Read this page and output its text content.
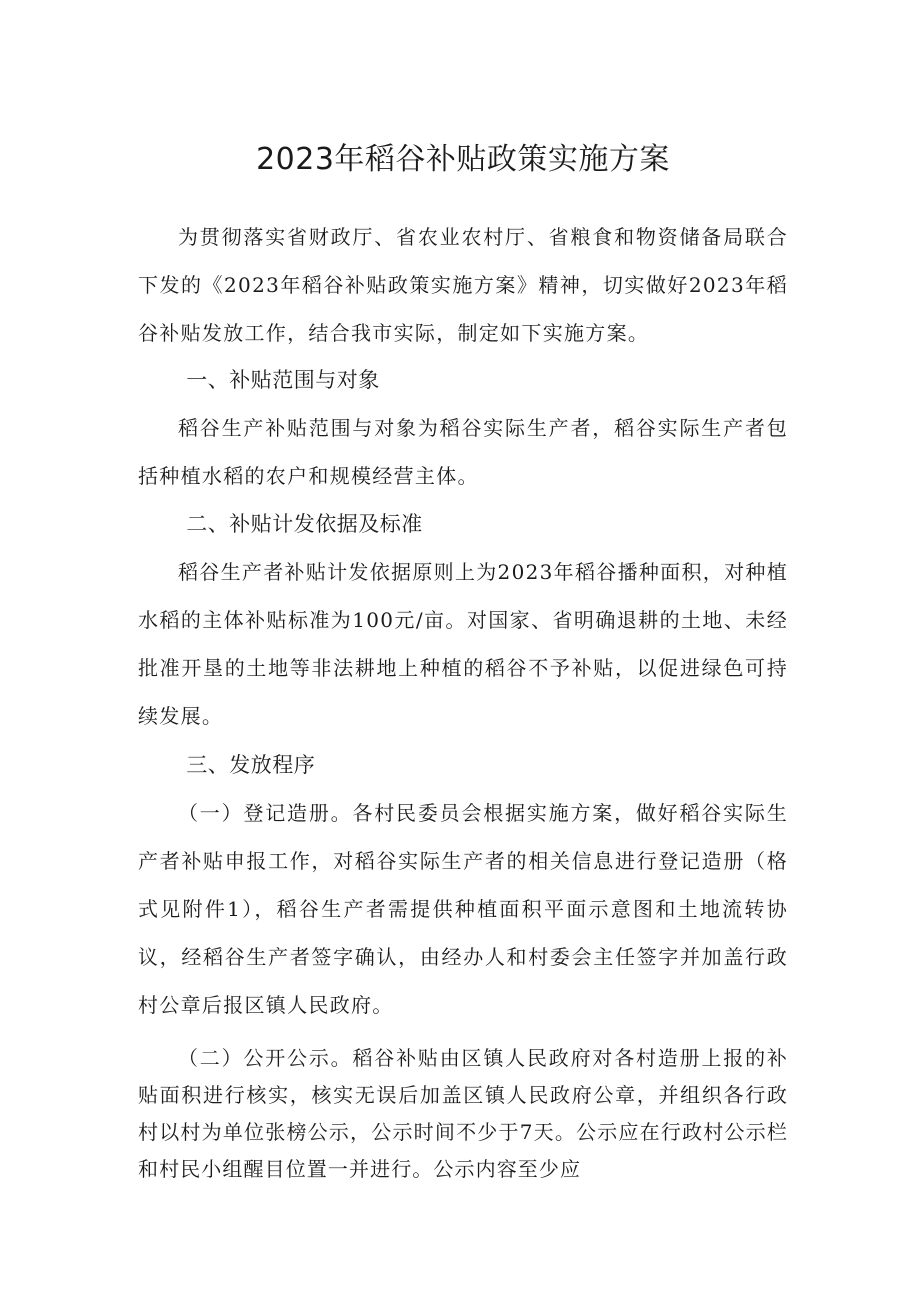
2023年稻谷补贴政策实施方案

为贯彻落实省财政厅、省农业农村厅、省粮食和物资储备局联合下发的《2023年稻谷补贴政策实施方案》精神，切实做好2023年稻谷补贴发放工作，结合我市实际，制定如下实施方案。

一、补贴范围与对象

稻谷生产补贴范围与对象为稻谷实际生产者，稻谷实际生产者包括种植水稻的农户和规模经营主体。

二、补贴计发依据及标准

稻谷生产者补贴计发依据原则上为2023年稻谷播种面积，对种植水稻的主体补贴标准为100元/亩。对国家、省明确退耕的土地、未经批准开垦的土地等非法耕地上种植的稻谷不予补贴，以促进绿色可持续发展。

三、发放程序

（一）登记造册。各村民委员会根据实施方案，做好稻谷实际生产者补贴申报工作，对稻谷实际生产者的相关信息进行登记造册（格式见附件1），稻谷生产者需提供种植面积平面示意图和土地流转协议，经稻谷生产者签字确认，由经办人和村委会主任签字并加盖行政村公章后报区镇人民政府。

（二）公开公示。稻谷补贴由区镇人民政府对各村造册上报的补贴面积进行核实，核实无误后加盖区镇人民政府公章，并组织各行政村以村为单位张榜公示，公示时间不少于7天。公示应在行政村公示栏和村民小组醒目位置一并进行。公示内容至少应
